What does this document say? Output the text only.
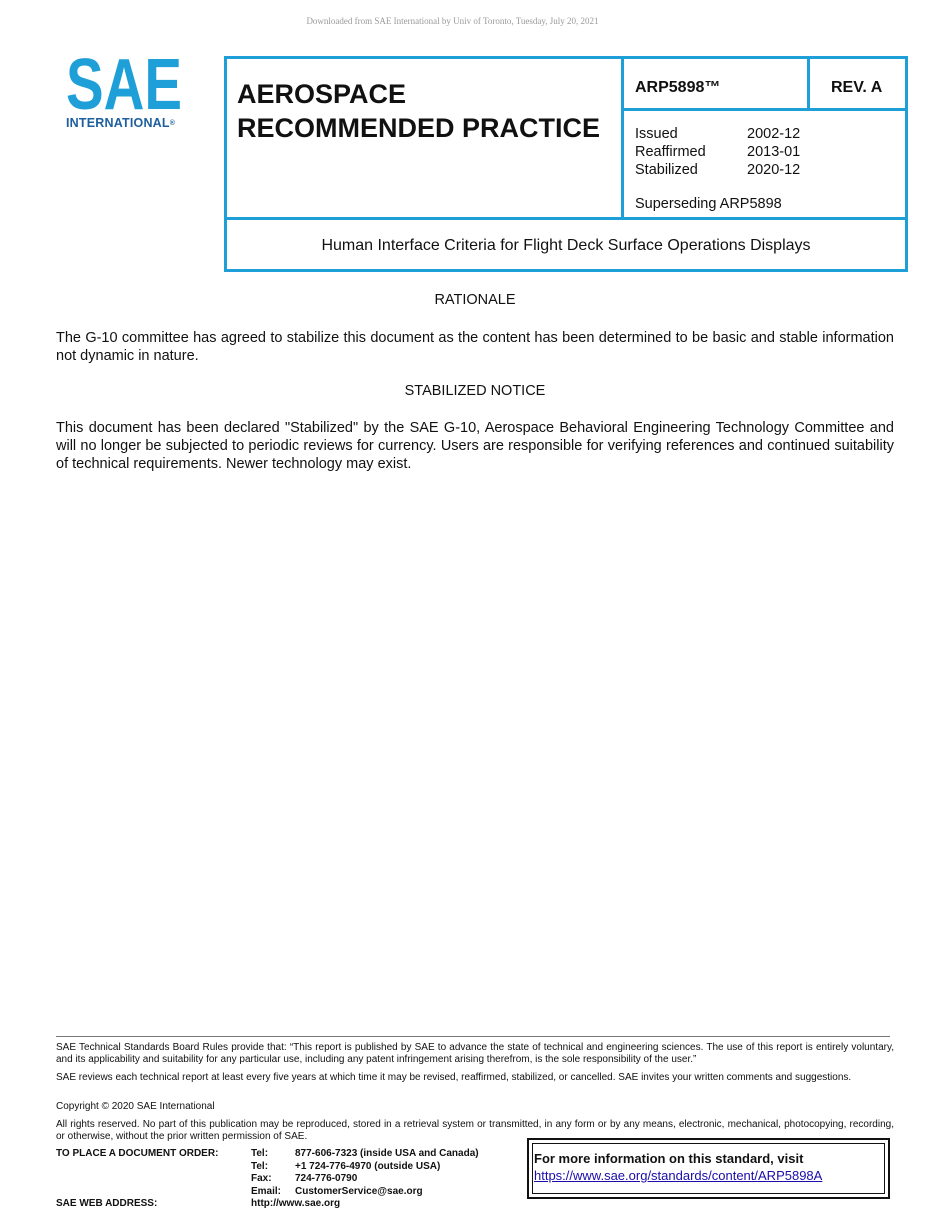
Downloaded from SAE International by Univ of Toronto, Tuesday, July 20, 2021
SAE
INTERNATIONAL®
AEROSPACE
RECOMMENDED PRACTICE
ARP5898™	REV. A
Issued	2002-12
Reaffirmed	2013-01
Stabilized	2020-12
Superseding ARP5898
Human Interface Criteria for Flight Deck Surface Operations Displays
RATIONALE
The G-10 committee has agreed to stabilize this document as the content has been determined to be basic and stable information not dynamic in nature.
STABILIZED NOTICE
This document has been declared "Stabilized" by the SAE G-10, Aerospace Behavioral Engineering Technology Committee and will no longer be subjected to periodic reviews for currency. Users are responsible for verifying references and continued suitability of technical requirements. Newer technology may exist.
SAE Technical Standards Board Rules provide that: “This report is published by SAE to advance the state of technical and engineering sciences. The use of this report is entirely voluntary, and its applicability and suitability for any particular use, including any patent infringement arising therefrom, is the sole responsibility of the user.”
SAE reviews each technical report at least every five years at which time it may be revised, reaffirmed, stabilized, or cancelled. SAE invites your written comments and suggestions.
Copyright © 2020 SAE International
All rights reserved. No part of this publication may be reproduced, stored in a retrieval system or transmitted, in any form or by any means, electronic, mechanical, photocopying, recording, or otherwise, without the prior written permission of SAE.
TO PLACE A DOCUMENT ORDER:	Tel:	877-606-7323 (inside USA and Canada)
Tel:	+1 724-776-4970 (outside USA)
Fax:	724-776-0790
Email:	CustomerService@sae.org
SAE WEB ADDRESS:	http://www.sae.org
For more information on this standard, visit
https://www.sae.org/standards/content/ARP5898A
